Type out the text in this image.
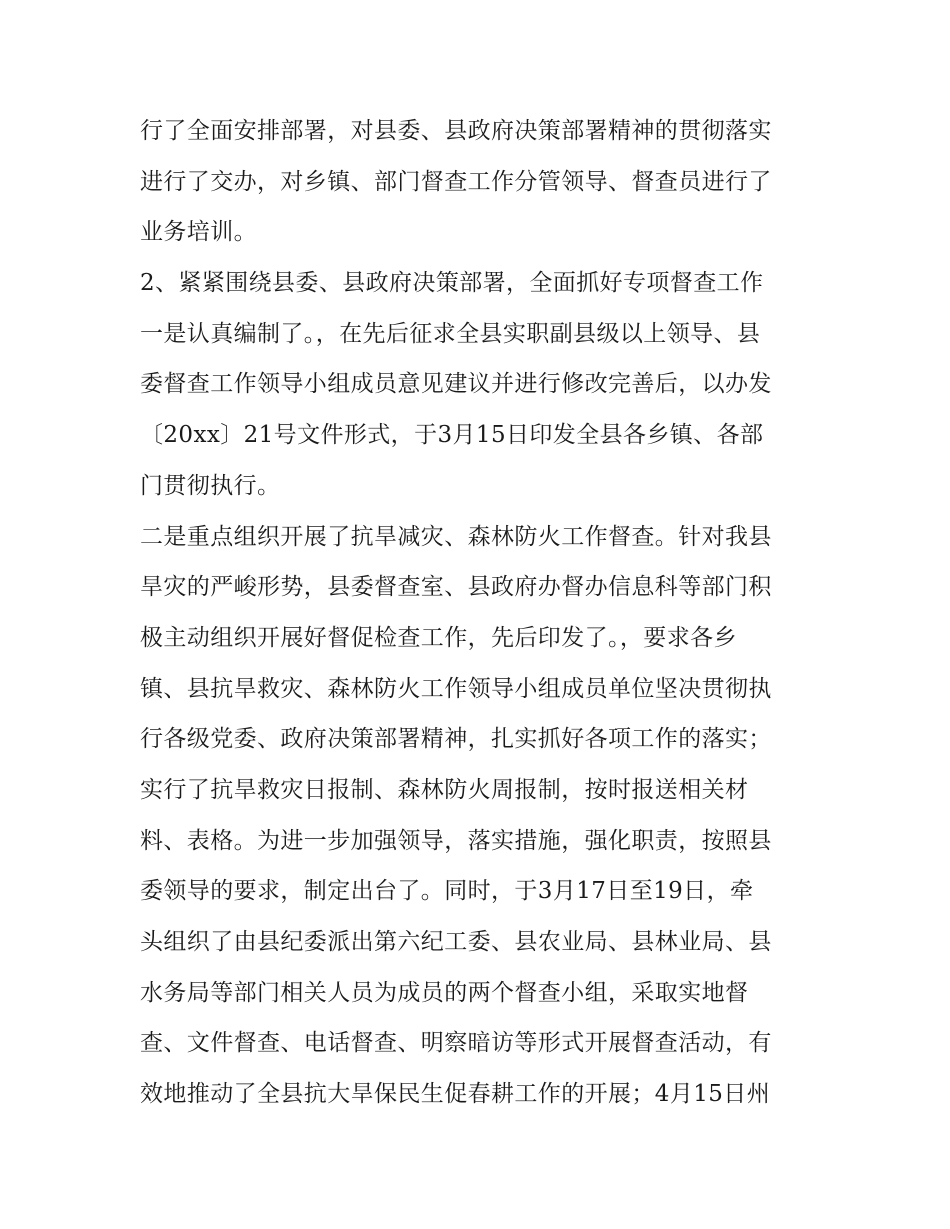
行了全面安排部署，对县委、县政府决策部署精神的贯彻落实
进行了交办，对乡镇、部门督查工作分管领导、督查员进行了
业务培训。
2、紧紧围绕县委、县政府决策部署，全面抓好专项督查工作
一是认真编制了。，在先后征求全县实职副县级以上领导、县
委督查工作领导小组成员意见建议并进行修改完善后，以办发
〔20xx〕21号文件形式，于3月15日印发全县各乡镇、各部
门贯彻执行。
二是重点组织开展了抗旱减灾、森林防火工作督查。针对我县
旱灾的严峻形势，县委督查室、县政府办督办信息科等部门积
极主动组织开展好督促检查工作，先后印发了。，要求各乡
镇、县抗旱救灾、森林防火工作领导小组成员单位坚决贯彻执
行各级党委、政府决策部署精神，扎实抓好各项工作的落实；
实行了抗旱救灾日报制、森林防火周报制，按时报送相关材
料、表格。为进一步加强领导，落实措施，强化职责，按照县
委领导的要求，制定出台了。同时，于3月17日至19日，牵
头组织了由县纪委派出第六纪工委、县农业局、县林业局、县
水务局等部门相关人员为成员的两个督查小组，采取实地督
查、文件督查、电话督查、明察暗访等形式开展督查活动，有
效地推动了全县抗大旱保民生促春耕工作的开展；4月15日州
